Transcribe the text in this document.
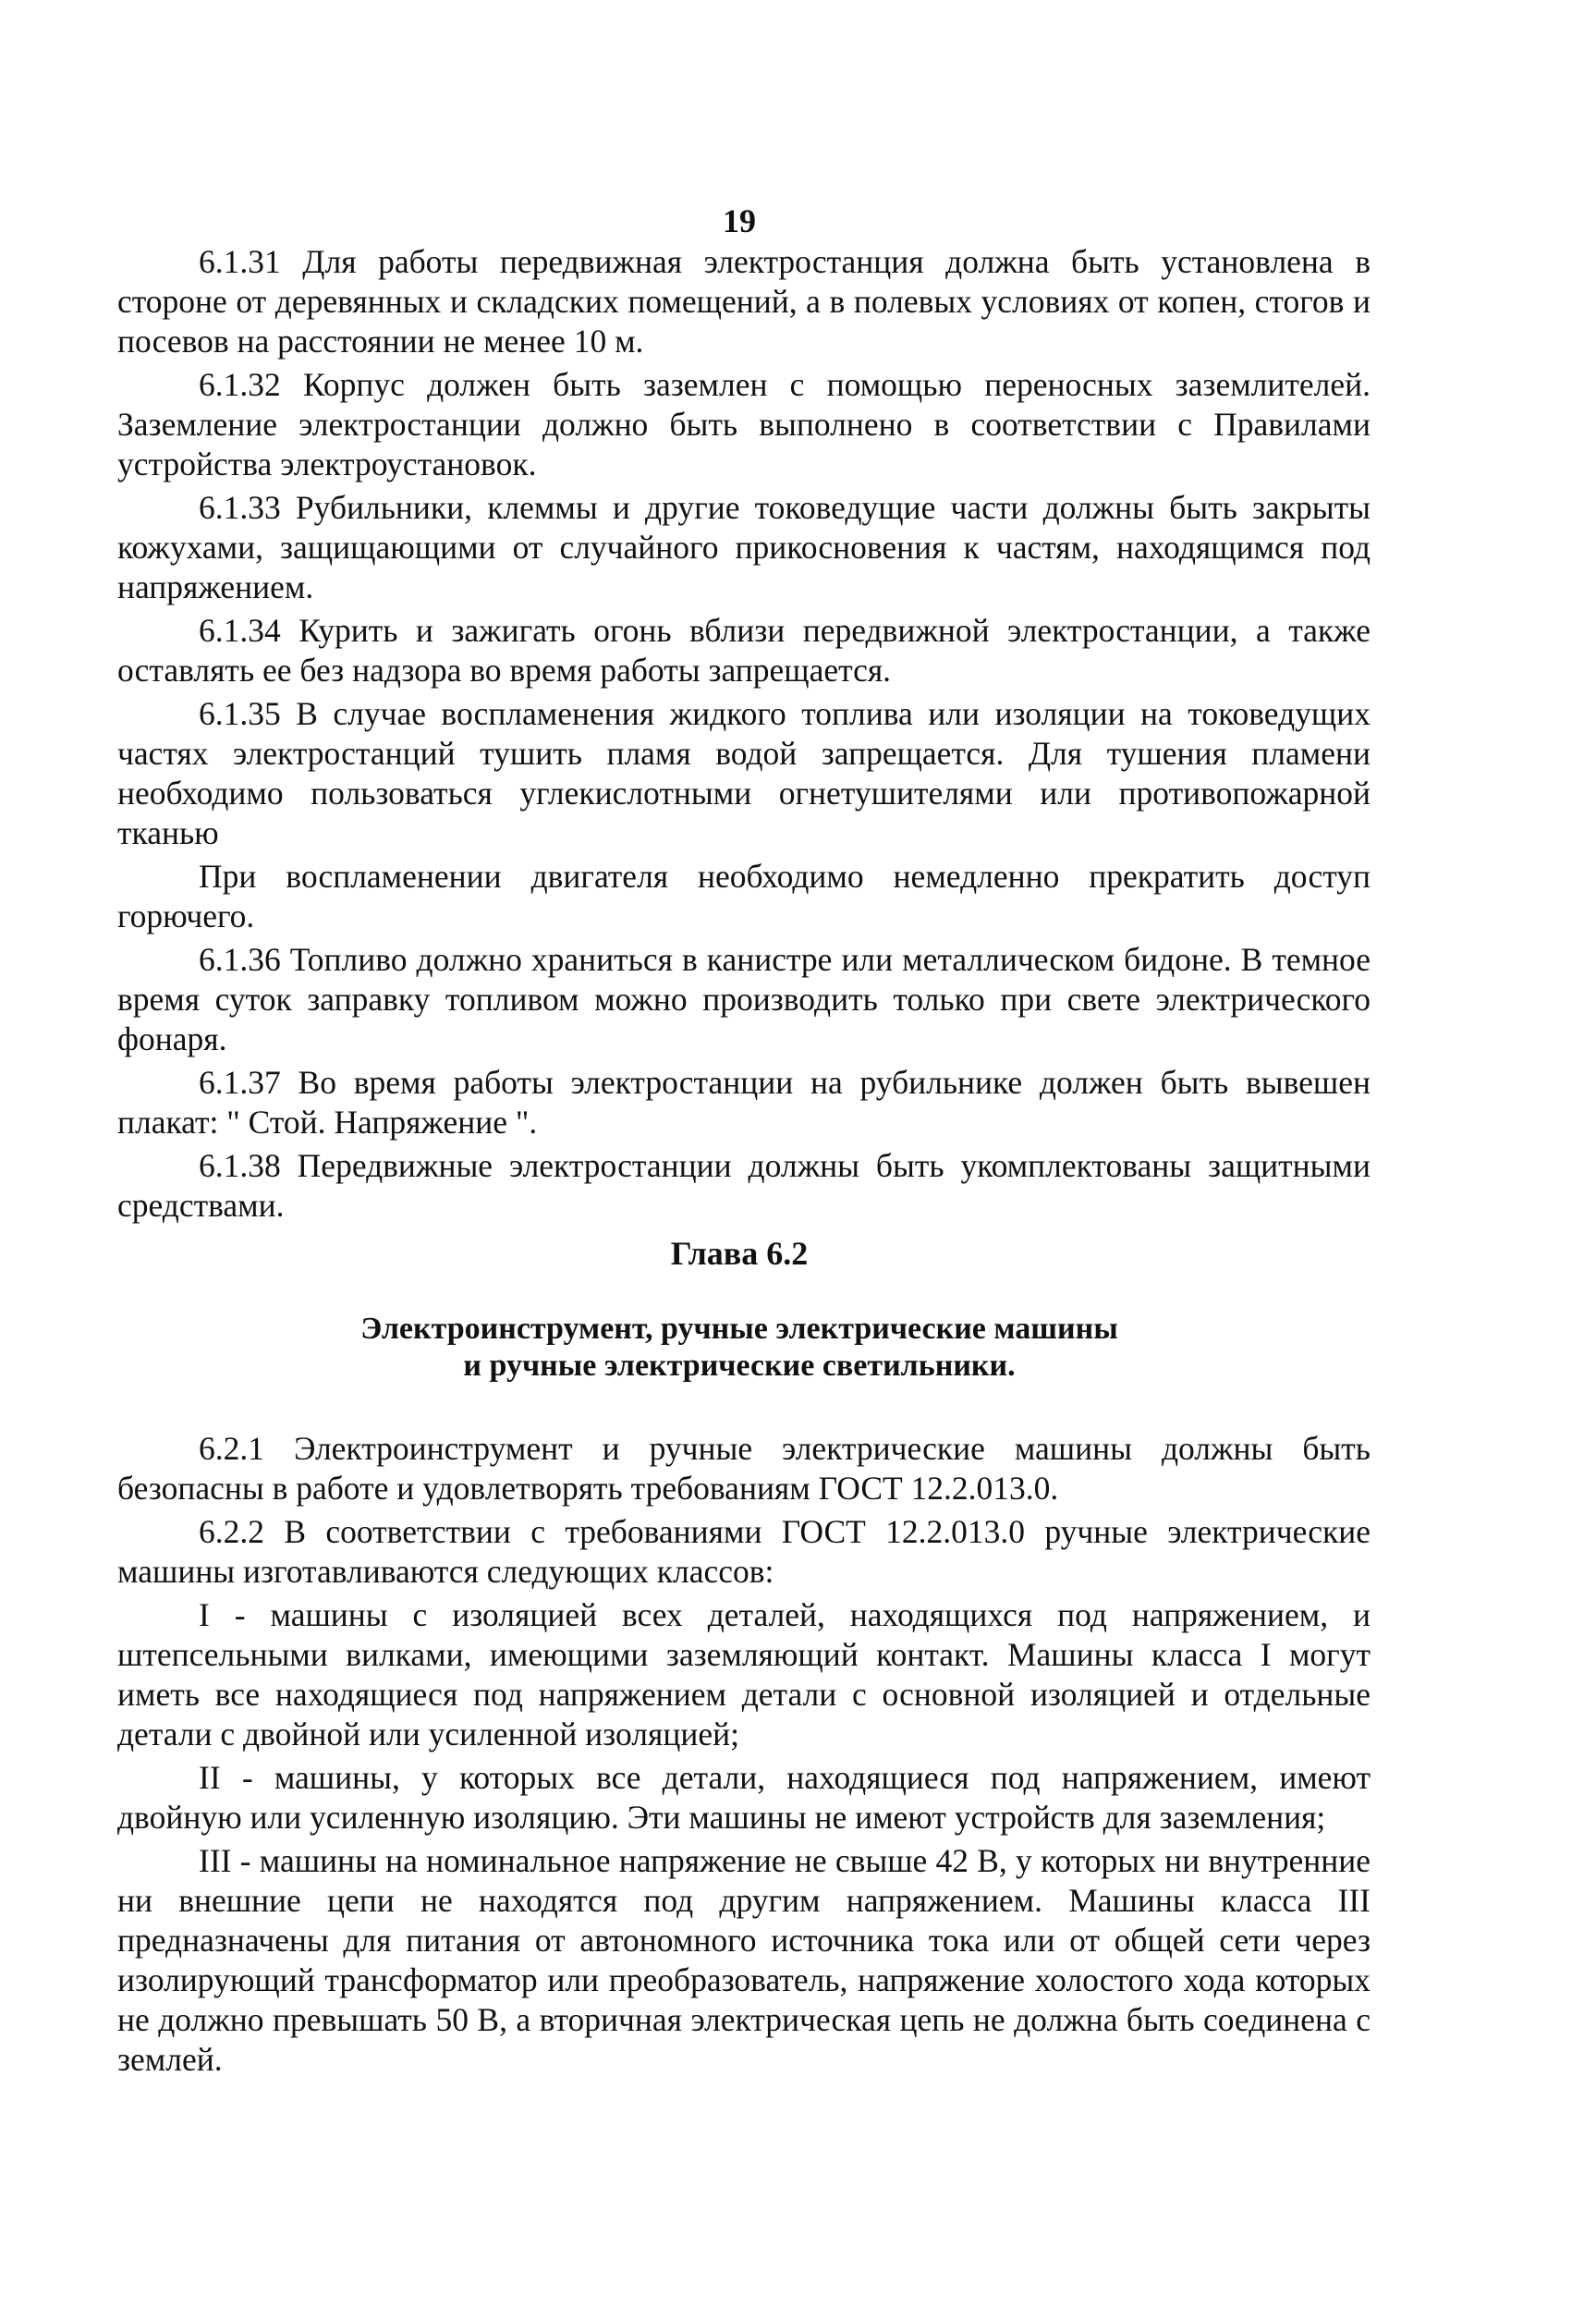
19

6.1.31 Для работы передвижная электростанция должна быть установлена в стороне от деревянных и складских помещений, а в полевых условиях от копен, стогов и посевов на расстоянии не менее 10 м.

6.1.32 Корпус должен быть заземлен с помощью переносных заземлителей. Заземление электростанции должно быть выполнено в соответствии с Правилами устройства электроустановок.

6.1.33 Рубильники, клеммы и другие токоведущие части должны быть закрыты кожухами, защищающими от случайного прикосновения к частям, находящимся под напряжением.

6.1.34 Курить и зажигать огонь вблизи передвижной электростанции, а также оставлять ее без надзора во время работы запрещается.

6.1.35 В случае воспламенения жидкого топлива или изоляции на токоведущих частях электростанций тушить пламя водой запрещается. Для тушения пламени необходимо пользоваться углекислотными огнетушителями или противопожарной тканью

При воспламенении двигателя необходимо немедленно прекратить доступ горючего.

6.1.36 Топливо должно храниться в канистре или металлическом бидоне. В темное время суток заправку топливом можно производить только при свете электрического фонаря.

6.1.37 Во время работы электростанции на рубильнике должен быть вывешен плакат: " Стой. Напряжение ".

6.1.38 Передвижные электростанции должны быть укомплектованы защитными средствами.

Глава 6.2
Электроинструмент, ручные электрические машины
и ручные электрические светильники.

6.2.1 Электроинструмент и ручные электрические машины должны быть безопасны в работе и удовлетворять требованиям ГОСТ 12.2.013.0.

6.2.2 В соответствии с требованиями ГОСТ 12.2.013.0 ручные электрические машины изготавливаются следующих классов:

I - машины с изоляцией всех деталей, находящихся под напряжением, и штепсельными вилками, имеющими заземляющий контакт. Машины класса I могут иметь все находящиеся под напряжением детали с основной изоляцией и отдельные детали с двойной или усиленной изоляцией;

II - машины, у которых все детали, находящиеся под напряжением, имеют двойную или усиленную изоляцию. Эти машины не имеют устройств для заземления;

III - машины на номинальное напряжение не свыше 42 В, у которых ни внутренние ни внешние цепи не находятся под другим напряжением. Машины класса III предназначены для питания от автономного источника тока или от общей сети через изолирующий трансформатор или преобразователь, напряжение холостого хода которых не должно превышать 50 В, а вторичная электрическая цепь не должна быть соединена с землей.
